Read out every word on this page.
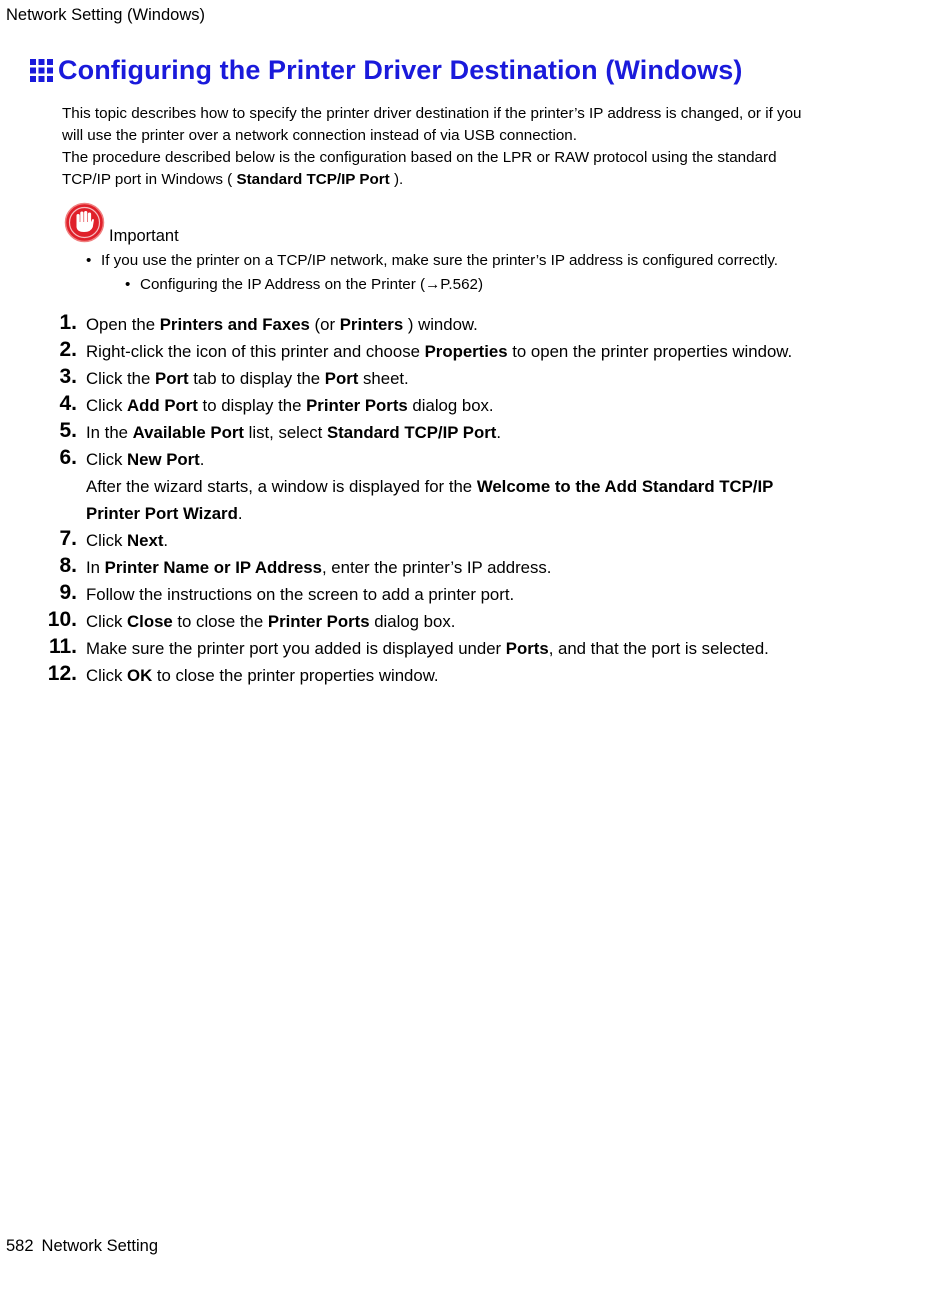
Network Setting (Windows)
Configuring the Printer Driver Destination (Windows)

This topic describes how to specify the printer driver destination if the printer’s IP address is changed, or if you

will use the printer over a network connection instead of via USB connection.

The procedure described below is the configuration based on the LPR or RAW protocol using the standard

TCP/IP port in Windows ( Standard TCP/IP Port ).

Important
• If you use the printer on a TCP/IP network, make sure the printer’s IP address is configured correctly.
• Configuring the IP Address on the Printer (→P.562)
1. Open the Printers and Faxes (or Printers ) window.
2. Right-click the icon of this printer and choose Properties to open the printer properties window.
3. Click the Port tab to display the Port sheet.
4. Click Add Port to display the Printer Ports dialog box.
5. In the Available Port list, select Standard TCP/IP Port.
6. Click New Port.
After the wizard starts, a window is displayed for the Welcome to the Add Standard TCP/IP
Printer Port Wizard.
7. Click Next.
8. In Printer Name or IP Address, enter the printer’s IP address.
9. Follow the instructions on the screen to add a printer port.
10. Click Close to close the Printer Ports dialog box.
11. Make sure the printer port you added is displayed under Ports, and that the port is selected.
12. Click OK to close the printer properties window.
582 Network Setting
